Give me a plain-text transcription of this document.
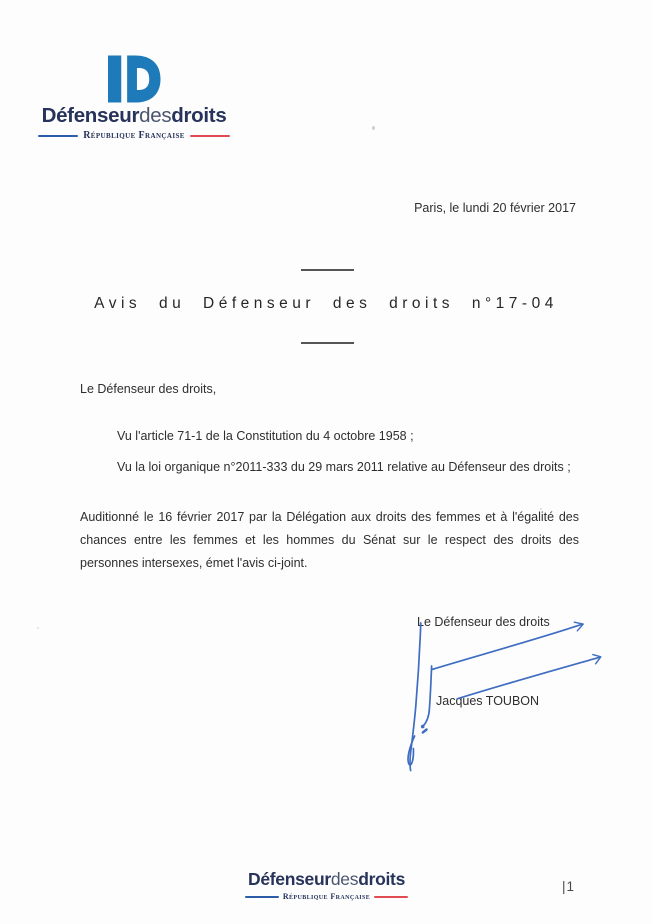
Défenseurdesdroits
République Française
Paris, le lundi 20 février 2017
Avis du Défenseur des droits n°17-04
Le Défenseur des droits,
Vu l'article 71-1 de la Constitution du 4 octobre 1958 ;
Vu la loi organique n°2011-333 du 29 mars 2011 relative au Défenseur des droits ;
Auditionné le 16 février 2017 par la Délégation aux droits des femmes et à l'égalité des chances entre les femmes et les hommes du Sénat sur le respect des droits des personnes intersexes, émet l'avis ci-joint.
Le Défenseur des droits
Jacques TOUBON
Défenseurdesdroits
République Française
|1
